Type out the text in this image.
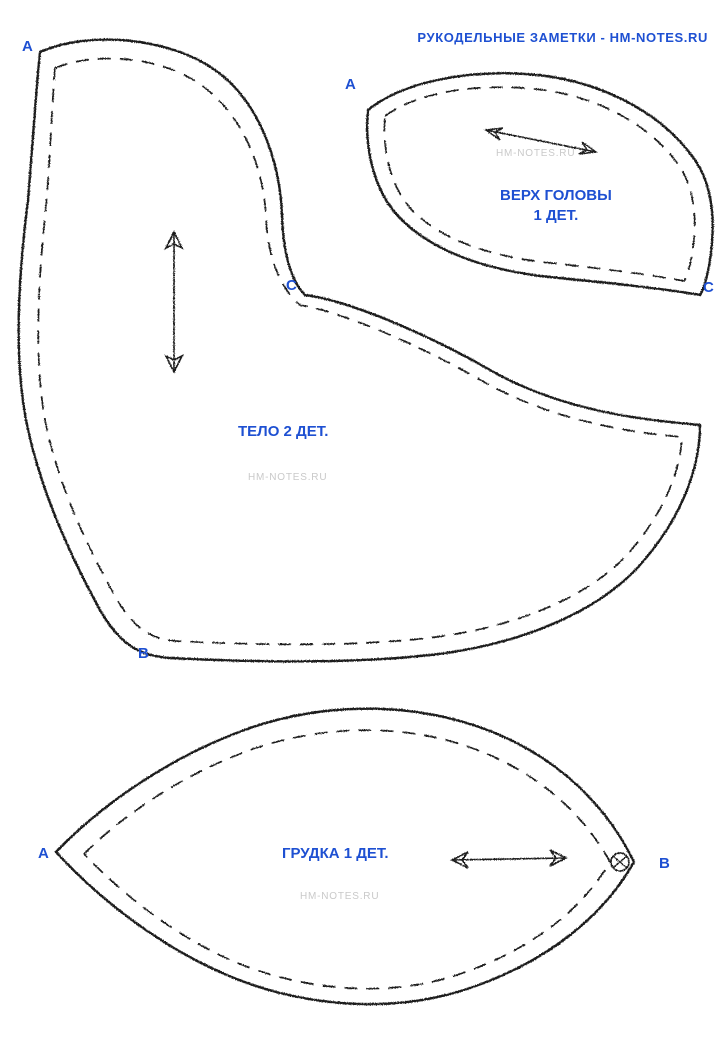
РУКОДЕЛЬНЫЕ ЗАМЕТКИ - HM-NOTES.RU
A
C
B
A
C
A
B
ТЕЛО 2 ДЕТ.
ВЕРХ ГОЛОВЫ
1 ДЕТ.
ГРУДКА 1 ДЕТ.
HM-NOTES.RU
HM-NOTES.RU
HM-NOTES.RU
